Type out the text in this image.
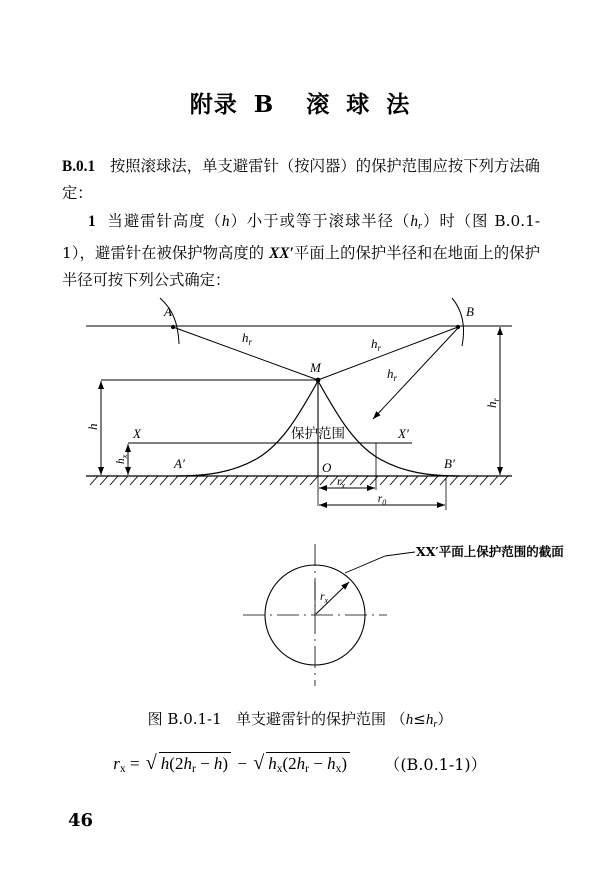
附录 B 滚 球 法
B.0.1 按照滚球法，单支避雷针（按闪器）的保护范围应按下列方法确定：
1 当避雷针高度（h）小于或等于滚球半径$(h_r)$时（图 B.0.1-1），避雷针在被保护物高度的 XX′平面上的保护半径和在地面上的保护半径可按下列公式确定：
A	B
M
A′	B′
O
X	X′
$h_r$	$h_r$
$h_r$
h
$h_x$
$h_r$
$r_x$
$r_0$
保护范围
XX′平面上保护范围的截面
$r_x$
图 B.0.1-1 单支避雷针的保护范围 $(h\le h_r)$
$r_x$ = √ $h(2h_r - h)$ − √ $h_x(2h_r - h_x)$ （(B.0.1-1)）
46
